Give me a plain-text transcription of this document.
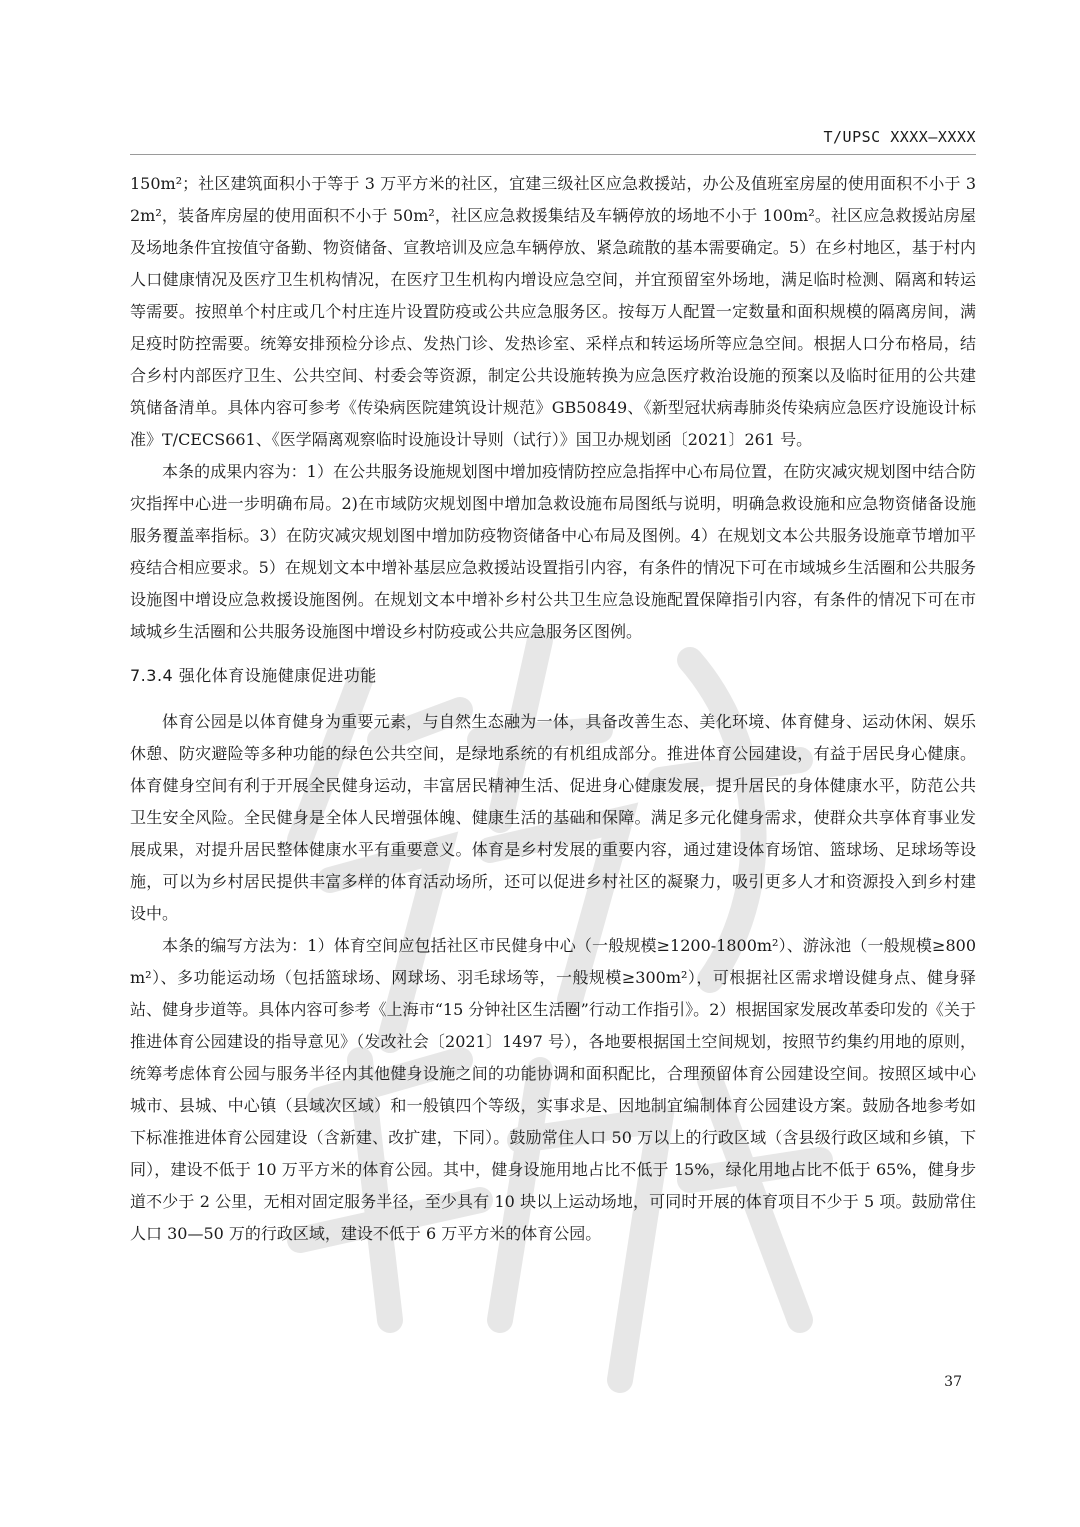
T/UPSC XXXX—XXXX

150m²；社区建筑面积小于等于 3 万平方米的社区，宜建三级社区应急救援站，办公及值班室房屋的使用面积不小于 32m²，装备库房屋的使用面积不小于 50m²，社区应急救援集结及车辆停放的场地不小于 100m²。社区应急救援站房屋及场地条件宜按值守备勤、物资储备、宣教培训及应急车辆停放、紧急疏散的基本需要确定。5）在乡村地区，基于村内人口健康情况及医疗卫生机构情况，在医疗卫生机构内增设应急空间，并宜预留室外场地，满足临时检测、隔离和转运等需要。按照单个村庄或几个村庄连片设置防疫或公共应急服务区。按每万人配置一定数量和面积规模的隔离房间，满足疫时防控需要。统筹安排预检分诊点、发热门诊、发热诊室、采样点和转运场所等应急空间。根据人口分布格局，结合乡村内部医疗卫生、公共空间、村委会等资源，制定公共设施转换为应急医疗救治设施的预案以及临时征用的公共建筑储备清单。具体内容可参考《传染病医院建筑设计规范》GB50849、《新型冠状病毒肺炎传染病应急医疗设施设计标准》T/CECS661、《医学隔离观察临时设施设计导则（试行）》国卫办规划函〔2021〕261 号。

本条的成果内容为：1）在公共服务设施规划图中增加疫情防控应急指挥中心布局位置，在防灾减灾规划图中结合防灾指挥中心进一步明确布局。2)在市域防灾规划图中增加急救设施布局图纸与说明，明确急救设施和应急物资储备设施服务覆盖率指标。3）在防灾减灾规划图中增加防疫物资储备中心布局及图例。4）在规划文本公共服务设施章节增加平疫结合相应要求。5）在规划文本中增补基层应急救援站设置指引内容，有条件的情况下可在市域城乡生活圈和公共服务设施图中增设应急救援设施图例。在规划文本中增补乡村公共卫生应急设施配置保障指引内容，有条件的情况下可在市域城乡生活圈和公共服务设施图中增设乡村防疫或公共应急服务区图例。

7.3.4 强化体育设施健康促进功能

体育公园是以体育健身为重要元素，与自然生态融为一体，具备改善生态、美化环境、体育健身、运动休闲、娱乐休憩、防灾避险等多种功能的绿色公共空间，是绿地系统的有机组成部分。推进体育公园建设，有益于居民身心健康。体育健身空间有利于开展全民健身运动，丰富居民精神生活、促进身心健康发展，提升居民的身体健康水平，防范公共卫生安全风险。全民健身是全体人民增强体魄、健康生活的基础和保障。满足多元化健身需求，使群众共享体育事业发展成果，对提升居民整体健康水平有重要意义。体育是乡村发展的重要内容，通过建设体育场馆、篮球场、足球场等设施，可以为乡村居民提供丰富多样的体育活动场所，还可以促进乡村社区的凝聚力，吸引更多人才和资源投入到乡村建设中。

本条的编写方法为：1）体育空间应包括社区市民健身中心（一般规模≥1200-1800m²）、游泳池（一般规模≥800m²）、多功能运动场（包括篮球场、网球场、羽毛球场等，一般规模≥300m²），可根据社区需求增设健身点、健身驿站、健身步道等。具体内容可参考《上海市“15 分钟社区生活圈”行动工作指引》。2）根据国家发展改革委印发的《关于推进体育公园建设的指导意见》（发改社会〔2021〕1497 号），各地要根据国土空间规划，按照节约集约用地的原则，统筹考虑体育公园与服务半径内其他健身设施之间的功能协调和面积配比，合理预留体育公园建设空间。按照区域中心城市、县城、中心镇（县域次区域）和一般镇四个等级，实事求是、因地制宜编制体育公园建设方案。鼓励各地参考如下标准推进体育公园建设（含新建、改扩建，下同）。鼓励常住人口 50 万以上的行政区域（含县级行政区域和乡镇，下同），建设不低于 10 万平方米的体育公园。其中，健身设施用地占比不低于 15%，绿化用地占比不低于 65%，健身步道不少于 2 公里，无相对固定服务半径，至少具有 10 块以上运动场地，可同时开展的体育项目不少于 5 项。鼓励常住人口 30—50 万的行政区域，建设不低于 6 万平方米的体育公园。

37
